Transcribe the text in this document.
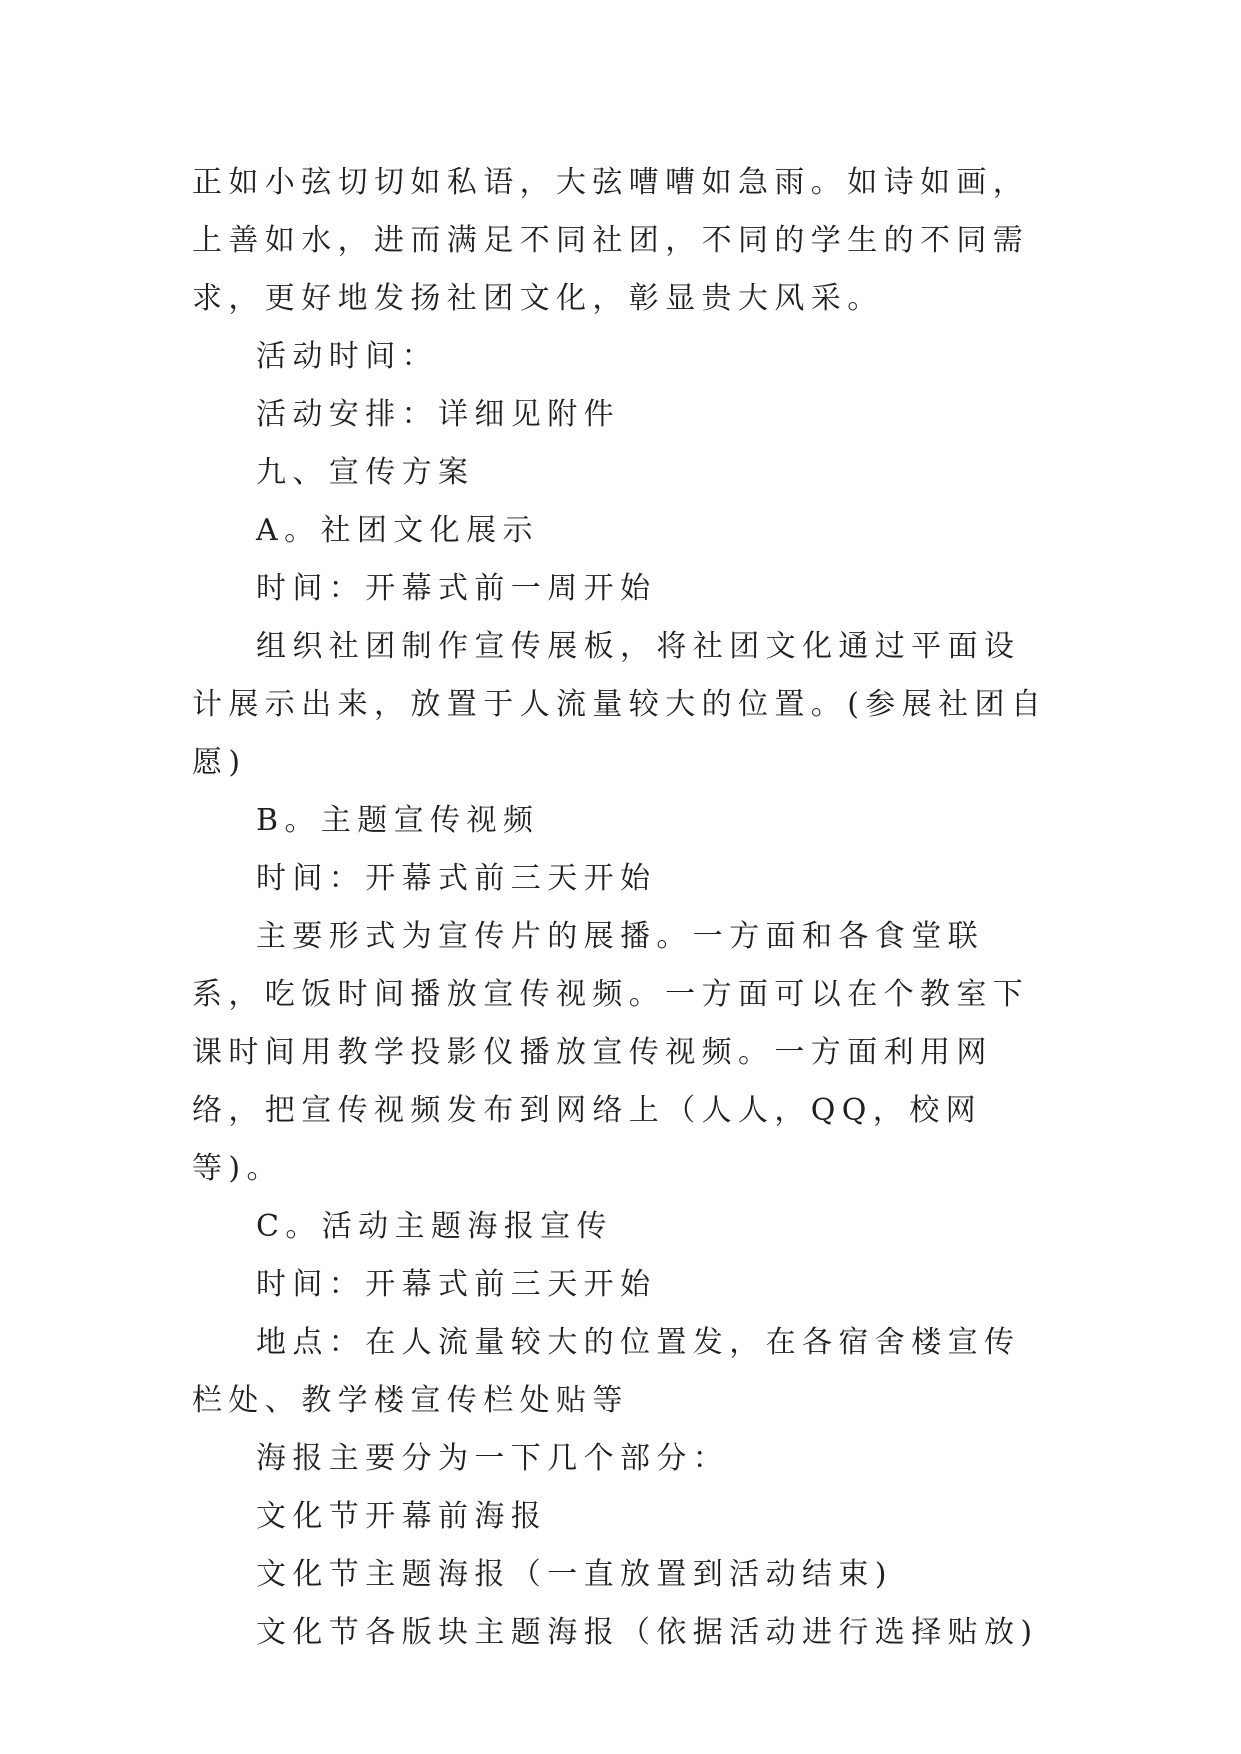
正如小弦切切如私语，大弦嘈嘈如急雨。如诗如画，上善如水，进而满足不同社团，不同的学生的不同需求，更好地发扬社团文化，彰显贵大风采。

活动时间：

活动安排：详细见附件

九、宣传方案

A。社团文化展示

时间：开幕式前一周开始

组织社团制作宣传展板，将社团文化通过平面设计展示出来，放置于人流量较大的位置。(参展社团自愿)

B。主题宣传视频

时间：开幕式前三天开始

主要形式为宣传片的展播。一方面和各食堂联系，吃饭时间播放宣传视频。一方面可以在个教室下课时间用教学投影仪播放宣传视频。一方面利用网络，把宣传视频发布到网络上（人人，QQ，校网等)。

C。活动主题海报宣传

时间：开幕式前三天开始

地点：在人流量较大的位置发，在各宿舍楼宣传栏处、教学楼宣传栏处贴等

海报主要分为一下几个部分：

文化节开幕前海报

文化节主题海报（一直放置到活动结束)

文化节各版块主题海报（依据活动进行选择贴放)
